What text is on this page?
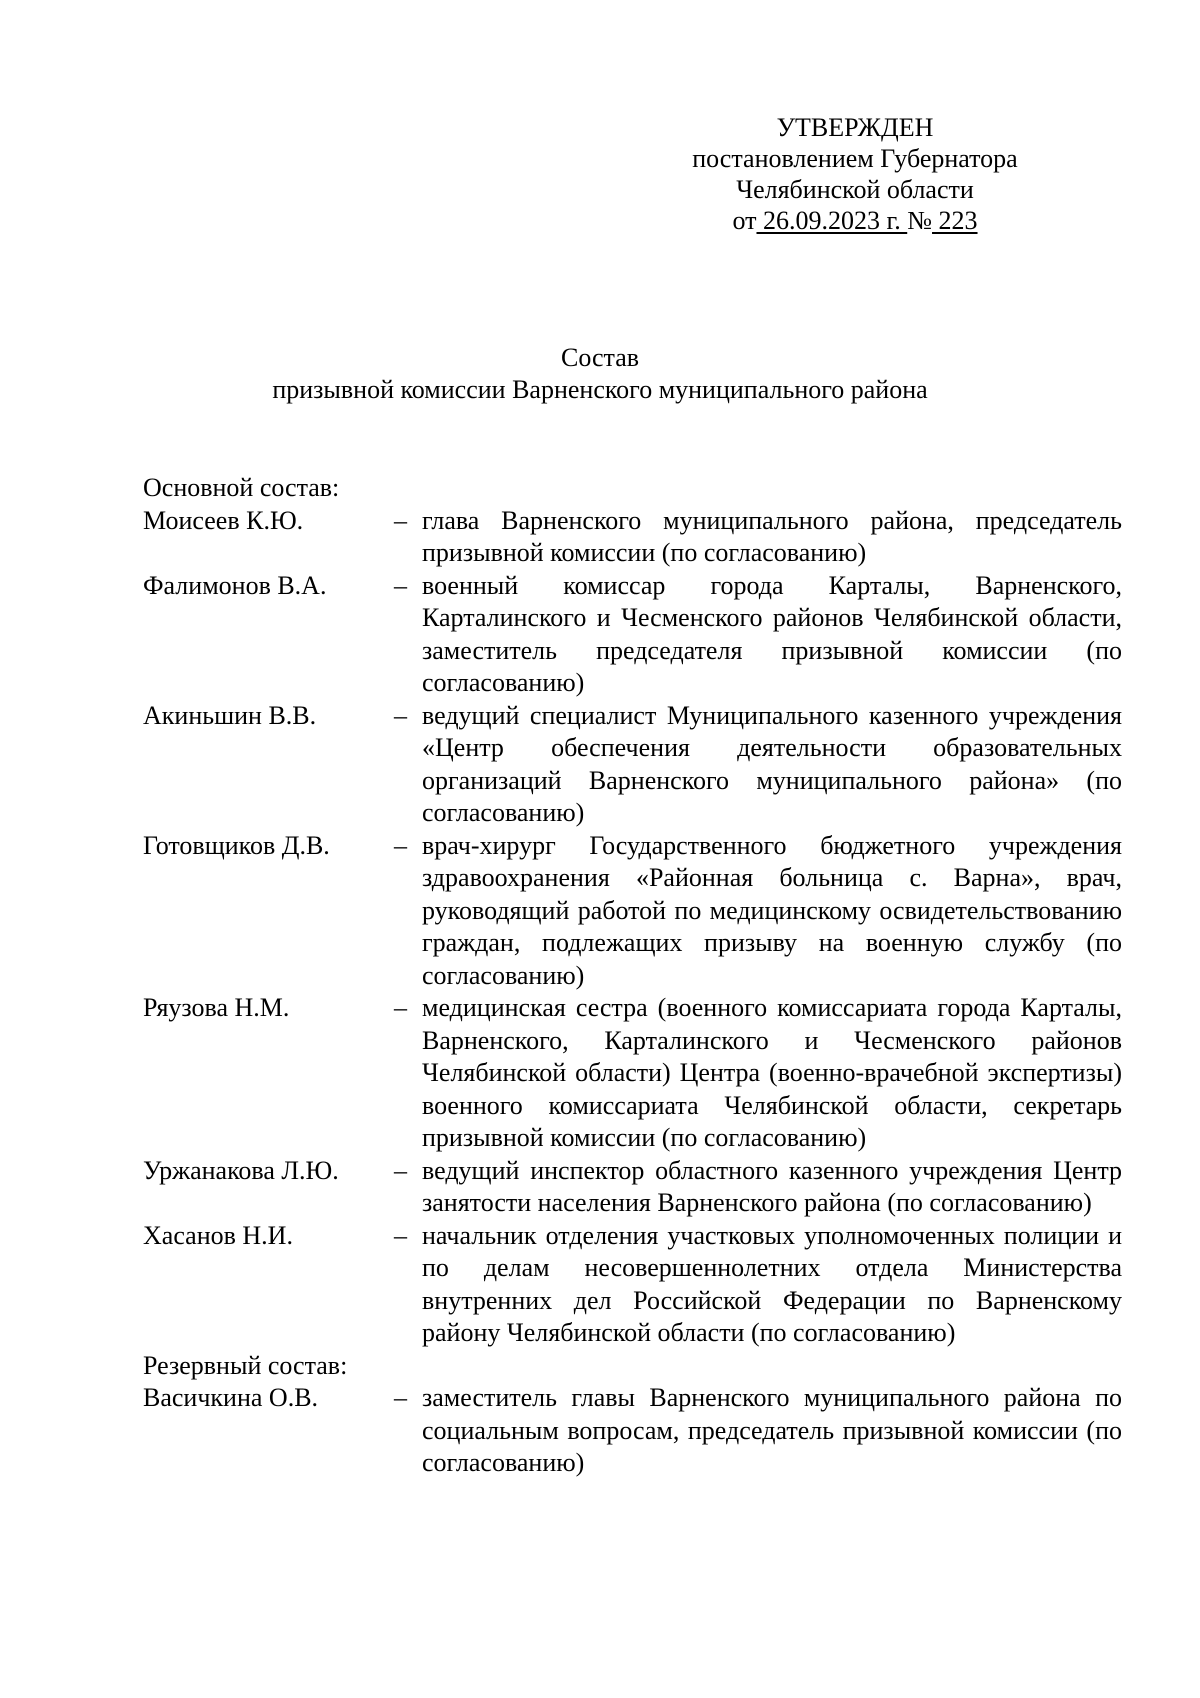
УТВЕРЖДЕН
постановлением Губернатора
Челябинской области
от 26.09.2023 г. № 223
Состав
призывной комиссии Варненского муниципального района
Основной состав:
Моисеев К.Ю.	– глава Варненского муниципального района, председатель призывной комиссии (по согласованию)
Фалимонов В.А.	– военный комиссар города Карталы, Варненского, Карталинского и Чесменского районов Челябинской области, заместитель председателя призывной комиссии (по согласованию)
Акиньшин В.В.	– ведущий специалист Муниципального казенного учреждения «Центр обеспечения деятельности образовательных организаций Варненского муниципального района» (по согласованию)
Готовщиков Д.В.	– врач-хирург Государственного бюджетного учреждения здравоохранения «Районная больница с. Варна», врач, руководящий работой по медицинскому освидетельствованию граждан, подлежащих призыву на военную службу (по согласованию)
Ряузова Н.М.	– медицинская сестра (военного комиссариата города Карталы, Варненского, Карталинского и Чесменского районов Челябинской области) Центра (военно-врачебной экспертизы) военного комиссариата Челябинской области, секретарь призывной комиссии (по согласованию)
Уржанакова Л.Ю.	– ведущий инспектор областного казенного учреждения Центр занятости населения Варненского района (по согласованию)
Хасанов Н.И.	– начальник отделения участковых уполномоченных полиции и по делам несовершеннолетних отдела Министерства внутренних дел Российской Федерации по Варненскому району Челябинской области (по согласованию)
Резервный состав:
Васичкина О.В.	– заместитель главы Варненского муниципального района по социальным вопросам, председатель призывной комиссии (по согласованию)
